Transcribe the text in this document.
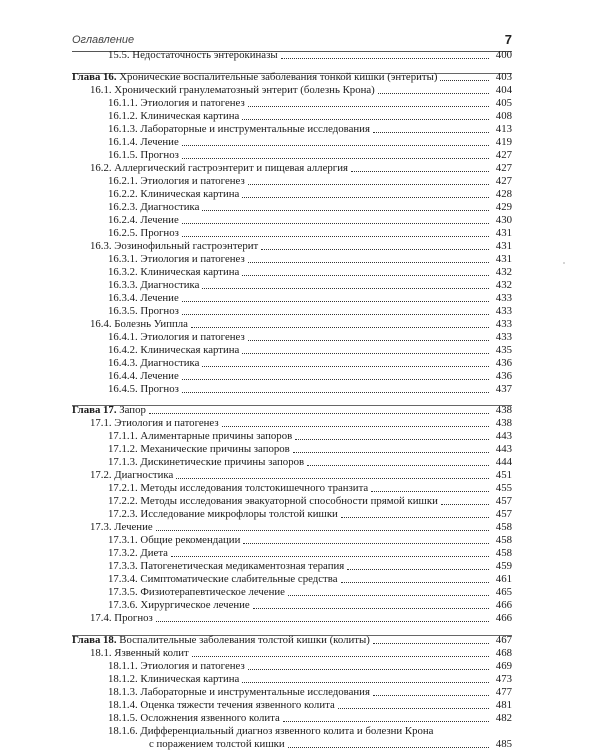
Оглавление	7
15.5. Недостаточность энтерокиназы	400
Глава 16. Хронические воспалительные заболевания тонкой кишки (энтериты)	403
16.1. Хронический гранулематозный энтерит (болезнь Крона)	404
16.1.1. Этиология и патогенез	405
16.1.2. Клиническая картина	408
16.1.3. Лабораторные и инструментальные исследования	413
16.1.4. Лечение	419
16.1.5. Прогноз	427
16.2. Аллергический гастроэнтерит и пищевая аллергия	427
16.2.1. Этиология и патогенез	427
16.2.2. Клиническая картина	428
16.2.3. Диагностика	429
16.2.4. Лечение	430
16.2.5. Прогноз	431
16.3. Эозинофильный гастроэнтерит	431
16.3.1. Этиология и патогенез	431
16.3.2. Клиническая картина	432
16.3.3. Диагностика	432
16.3.4. Лечение	433
16.3.5. Прогноз	433
16.4. Болезнь Уиппла	433
16.4.1. Этиология и патогенез	433
16.4.2. Клиническая картина	435
16.4.3. Диагностика	436
16.4.4. Лечение	436
16.4.5. Прогноз	437
Глава 17. Запор	438
17.1. Этиология и патогенез	438
17.1.1. Алиментарные причины запоров	443
17.1.2. Механические причины запоров	443
17.1.3. Дискинетические причины запоров	444
17.2. Диагностика	451
17.2.1. Методы исследования толстокишечного транзита	455
17.2.2. Методы исследования эвакуаторной способности прямой кишки	457
17.2.3. Исследование микрофлоры толстой кишки	457
17.3. Лечение	458
17.3.1. Общие рекомендации	458
17.3.2. Диета	458
17.3.3. Патогенетическая медикаментозная терапия	459
17.3.4. Симптоматические слабительные средства	461
17.3.5. Физиотерапевтическое лечение	465
17.3.6. Хирургическое лечение	466
17.4. Прогноз	466
Глава 18. Воспалительные заболевания толстой кишки (колиты)	467
18.1. Язвенный колит	468
18.1.1. Этиология и патогенез	469
18.1.2. Клиническая картина	473
18.1.3. Лабораторные и инструментальные исследования	477
18.1.4. Оценка тяжести течения язвенного колита	481
18.1.5. Осложнения язвенного колита	482
18.1.6. Дифференциальный диагноз язвенного колита и болезни Крона
с поражением толстой кишки	485
